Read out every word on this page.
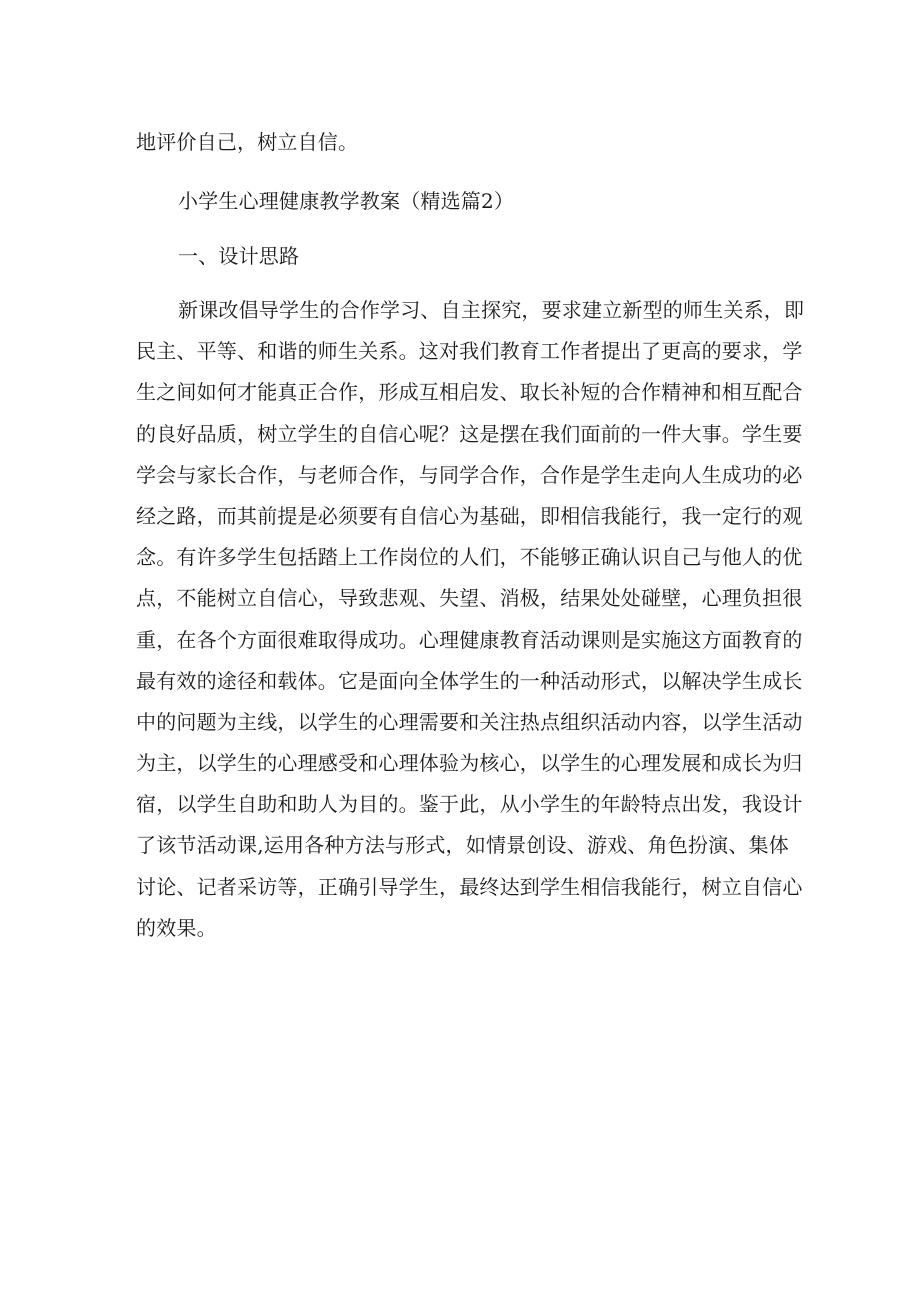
地评价自己，树立自信。
小学生心理健康教学教案（精选篇2）
一、设计思路
新课改倡导学生的合作学习、自主探究，要求建立新型的师生关系，即
民主、平等、和谐的师生关系。这对我们教育工作者提出了更高的要求，学
生之间如何才能真正合作，形成互相启发、取长补短的合作精神和相互配合
的良好品质，树立学生的自信心呢？这是摆在我们面前的一件大事。学生要
学会与家长合作，与老师合作，与同学合作，合作是学生走向人生成功的必
经之路，而其前提是必须要有自信心为基础，即相信我能行，我一定行的观
念。有许多学生包括踏上工作岗位的人们，不能够正确认识自己与他人的优
点，不能树立自信心，导致悲观、失望、消极，结果处处碰壁，心理负担很
重，在各个方面很难取得成功。心理健康教育活动课则是实施这方面教育的
最有效的途径和载体。它是面向全体学生的一种活动形式，以解决学生成长
中的问题为主线，以学生的心理需要和关注热点组织活动内容，以学生活动
为主，以学生的心理感受和心理体验为核心，以学生的心理发展和成长为归
宿，以学生自助和助人为目的。鉴于此，从小学生的年龄特点出发，我设计
了该节活动课,运用各种方法与形式，如情景创设、游戏、角色扮演、集体
讨论、记者采访等，正确引导学生，最终达到学生相信我能行，树立自信心
的效果。
